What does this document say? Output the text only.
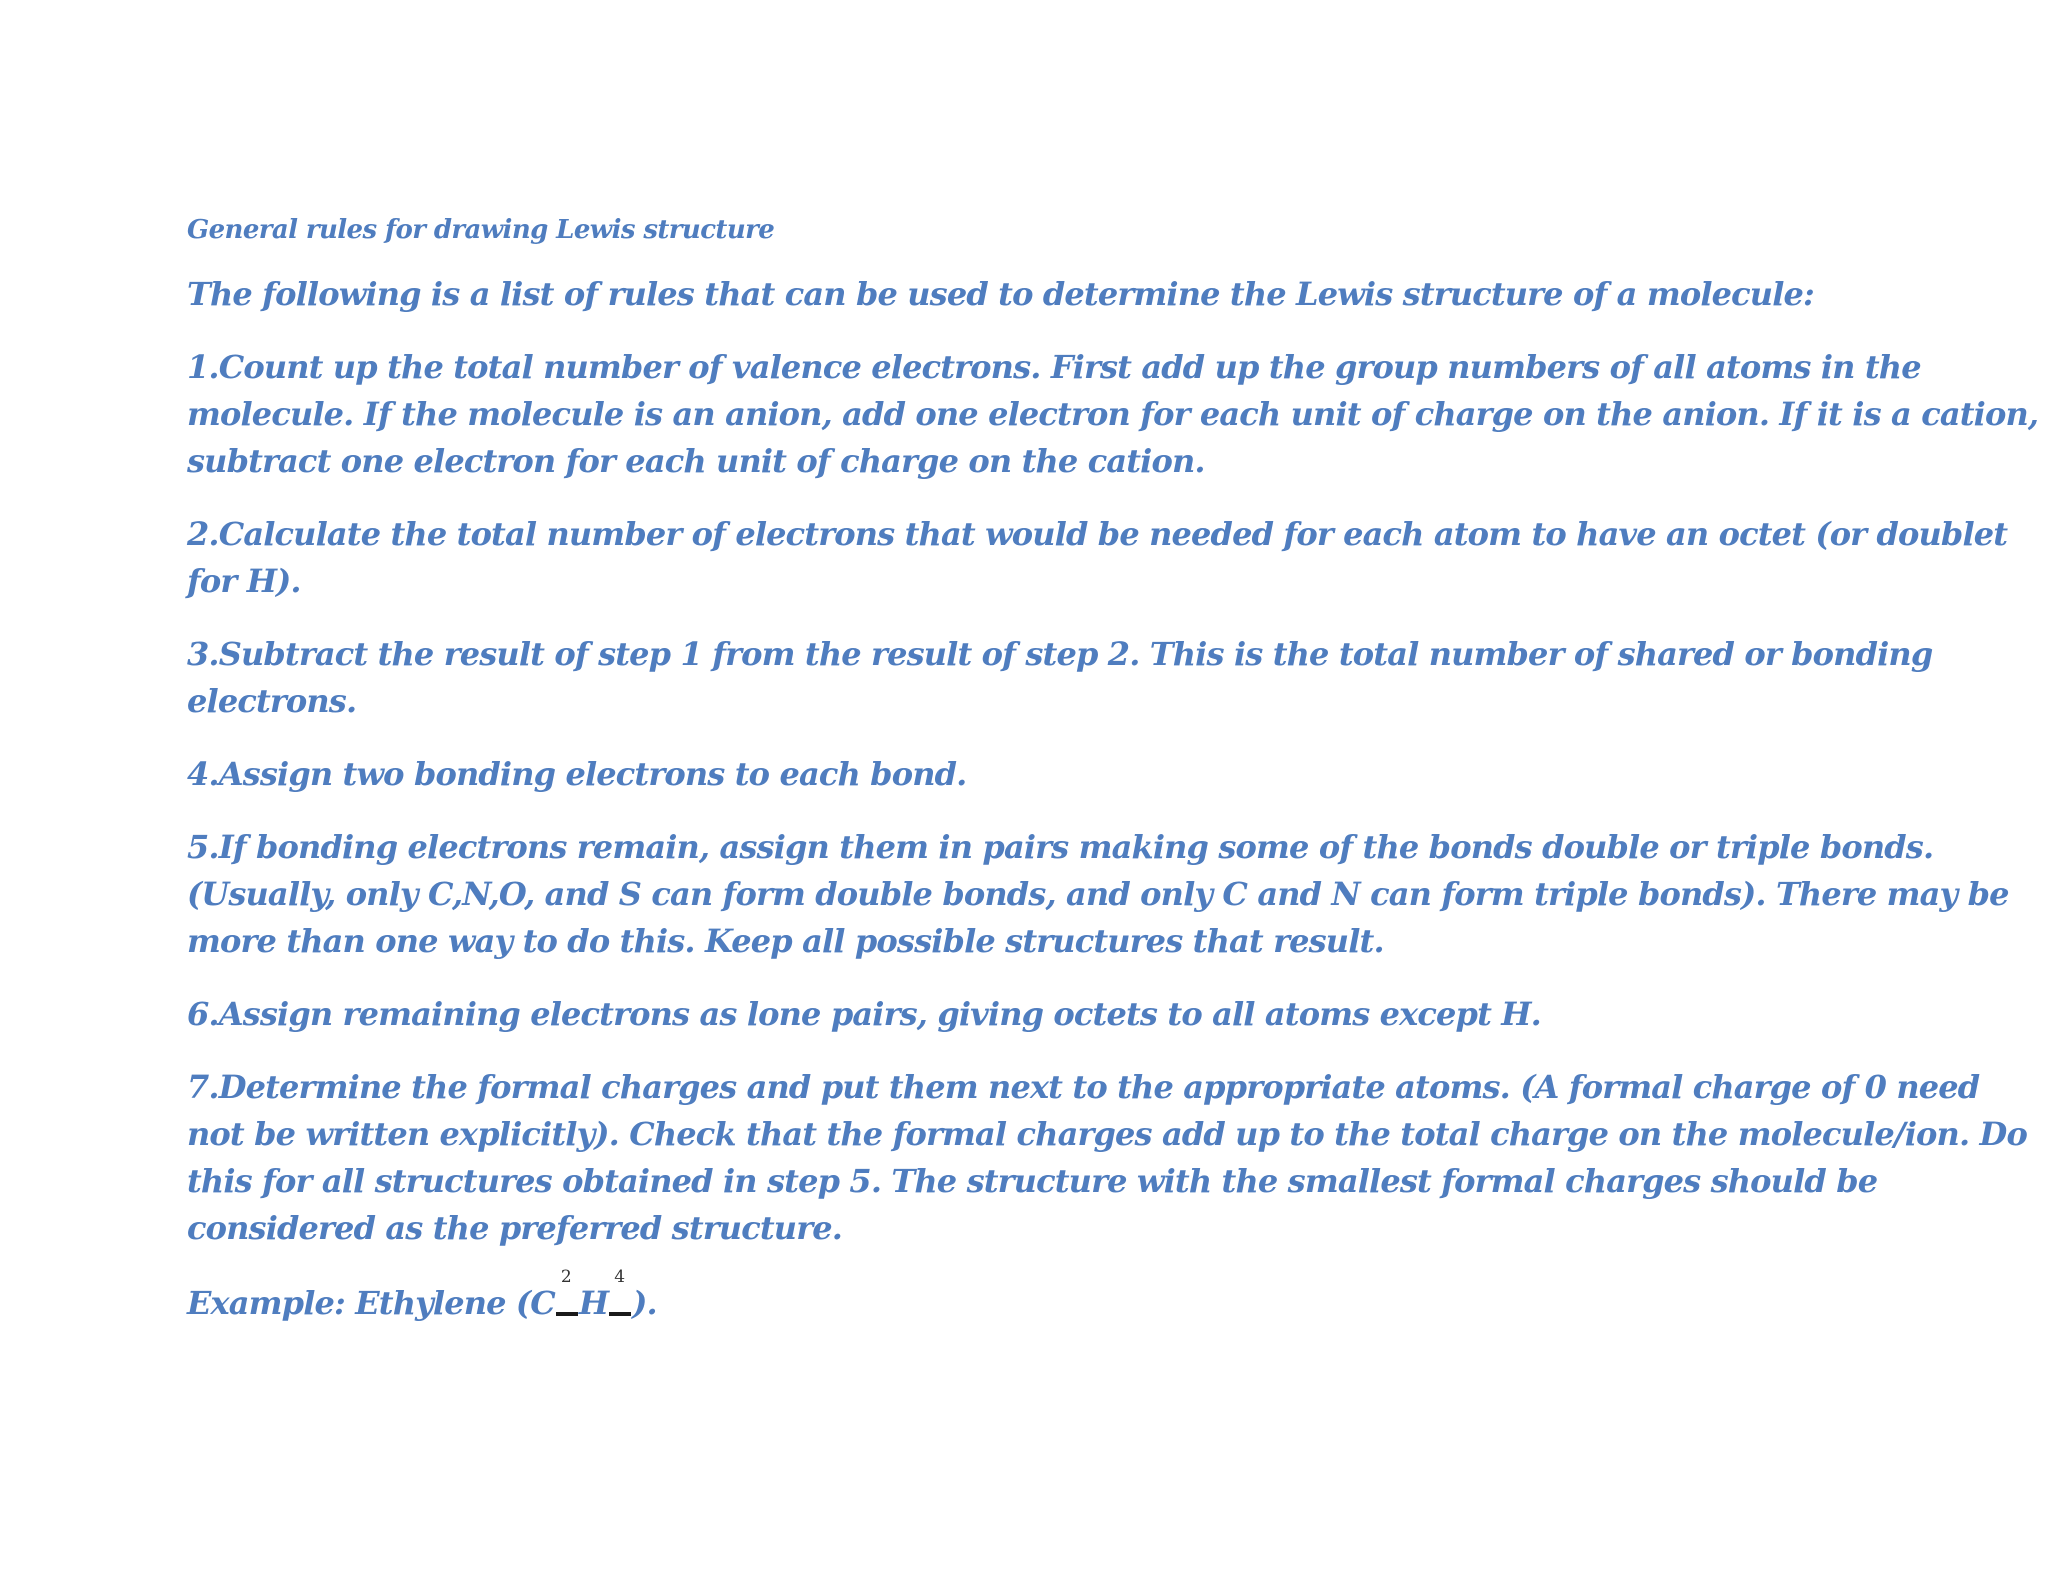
General rules for drawing Lewis structure

The following is a list of rules that can be used to determine the Lewis structure of a molecule:

1.Count up the total number of valence electrons. First add up the group numbers of all atoms in the
molecule. If the molecule is an anion, add one electron for each unit of charge on the anion. If it is a cation,
subtract one electron for each unit of charge on the cation.

2.Calculate the total number of electrons that would be needed for each atom to have an octet (or doublet
for H).

3.Subtract the result of step 1 from the result of step 2. This is the total number of shared or bonding
electrons.

4.Assign two bonding electrons to each bond.

5.If bonding electrons remain, assign them in pairs making some of the bonds double or triple bonds.
(Usually, only C,N,O, and S can form double bonds, and only C and N can form triple bonds). There may be
more than one way to do this. Keep all possible structures that result.

6.Assign remaining electrons as lone pairs, giving octets to all atoms except H.

7.Determine the formal charges and put them next to the appropriate atoms. (A formal charge of 0 need
not be written explicitly). Check that the formal charges add up to the total charge on the molecule/ion. Do
this for all structures obtained in step 5. The structure with the smallest formal charges should be
considered as the preferred structure.

Example: Ethylene (C
2
H
4
).
